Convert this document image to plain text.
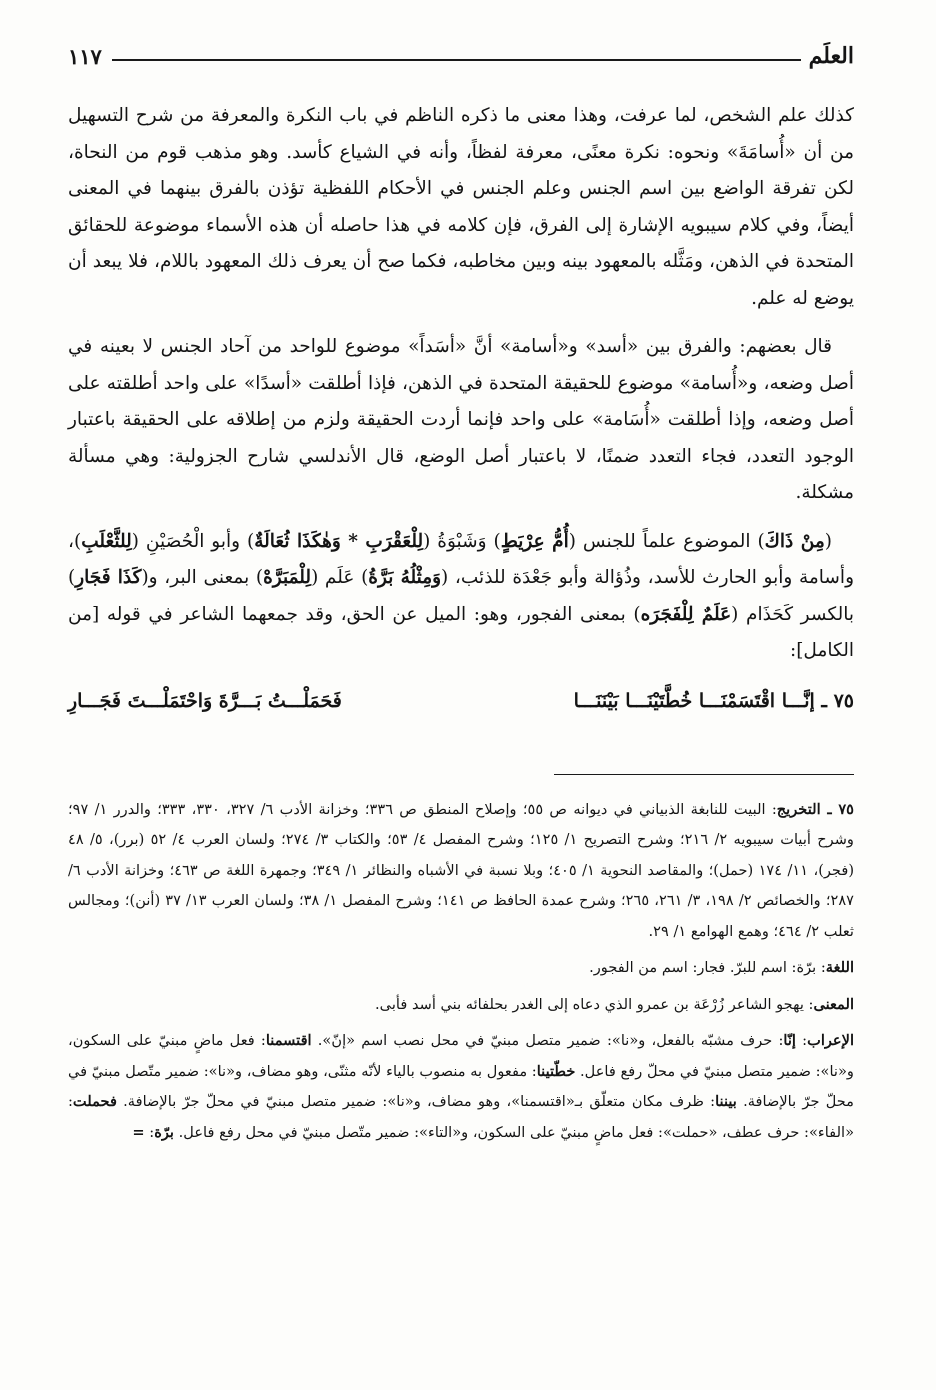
العلَم
١١٧

كذلك علم الشخص، لما عرفت، وهذا معنى ما ذكره الناظم في باب النكرة والمعرفة من شرح التسهيل من أن «أُسامَةَ» ونحوه: نكرة معنًى، معرفة لفظاً، وأنه في الشياع كأسد. وهو مذهب قوم من النحاة، لكن تفرقة الواضع بين اسم الجنس وعلم الجنس في الأحكام اللفظية تؤذن بالفرق بينهما في المعنى أيضاً، وفي كلام سيبويه الإشارة إلى الفرق، فإن كلامه في هذا حاصله أن هذه الأسماء موضوعة للحقائق المتحدة في الذهن، ومَثَّله بالمعهود بينه وبين مخاطبه، فكما صح أن يعرف ذلك المعهود باللام، فلا يبعد أن يوضع له علم.

قال بعضهم: والفرق بين «أسد» و«أسامة» أنَّ «أسَداً» موضوع للواحد من آحاد الجنس لا بعينه في أصل وضعه، و«أُسامة» موضوع للحقيقة المتحدة في الذهن، فإذا أطلقت «أسدًا» على واحد أطلقته على أصل وضعه، وإذا أطلقت «أُسَامة» على واحد فإنما أردت الحقيقة ولزم من إطلاقه على الحقيقة باعتبار الوجود التعدد، فجاء التعدد ضمنًا، لا باعتبار أصل الوضع، قال الأندلسي شارح الجزولية: وهي مسألة مشكلة.

(مِنْ ذَاكَ) الموضوع علماً للجنس (أُمُّ عِرْيَطٍ) وَشَبْوَةُ (لِلْعَقْرَبِ * وَهٰكَذَا ثُعَالَةٌ) وأبو الْحُصَيْنِ (لِلثَّعْلَبِ)، وأسامة وأبو الحارث للأسد، وذُؤالة وأبو جَعْدَة للذئب، (وَمِثْلُهُ بَرَّةُ) عَلَم (لِلْمَبَرَّهْ) بمعنى البر، و(كَذَا فَجَارِ) بالكسر كَحَذَام (عَلَمٌ لِلْفَجَرَه) بمعنى الفجور، وهو: الميل عن الحق، وقد جمعهما الشاعر في قوله [من الكامل]:

٧٥ ـ إنَّـــا اقْتَسَمْنَـــا خُطَّتَيْنَـــا بَيْنَنَـــا
فَحَمَلْـــتُ بَـــرَّةَ وَاحْتَمَلْـــتَ فَجَـــارِ

٧٥ ـ التخريج: البيت للنابغة الذبياني في ديوانه ص ٥٥؛ وإصلاح المنطق ص ٣٣٦؛ وخزانة الأدب ٦/ ٣٢٧، ٣٣٠، ٣٣٣؛ والدرر ١/ ٩٧؛ وشرح أبيات سيبويه ٢/ ٢١٦؛ وشرح التصريح ١/ ١٢٥؛ وشرح المفصل ٤/ ٥٣؛ والكتاب ٣/ ٢٧٤؛ ولسان العرب ٤/ ٥٢ (برر)، ٥/ ٤٨ (فجر)، ١١/ ١٧٤ (حمل)؛ والمقاصد النحوية ١/ ٤٠٥؛ وبلا نسبة في الأشباه والنظائر ١/ ٣٤٩؛ وجمهرة اللغة ص ٤٦٣؛ وخزانة الأدب ٦/ ٢٨٧؛ والخصائص ٢/ ١٩٨، ٣/ ٢٦١، ٢٦٥؛ وشرح عمدة الحافظ ص ١٤١؛ وشرح المفصل ١/ ٣٨؛ ولسان العرب ١٣/ ٣٧ (أنن)؛ ومجالس ثعلب ٢/ ٤٦٤؛ وهمع الهوامع ١/ ٢٩.

اللغة: برّة: اسم للبرّ. فجار: اسم من الفجور.

المعنى: يهجو الشاعر زُرْعَة بن عمرو الذي دعاه إلى الغدر بحلفائه بني أسد فأبى.

الإعراب: إنّا: حرف مشبّه بالفعل، و«نا»: ضمير متصل مبنيّ في محل نصب اسم «إنّ». اقتسمنا: فعل ماضٍ مبنيّ على السكون، و«نا»: ضمير متصل مبنيّ في محلّ رفع فاعل. خطّتينا: مفعول به منصوب بالياء لأنّه مثنّى، وهو مضاف، و«نا»: ضمير متّصل مبنيّ في محلّ جرّ بالإضافة. بيننا: ظرف مكان متعلّق بـ«اقتسمنا»، وهو مضاف، و«نا»: ضمير متصل مبنيّ في محلّ جرّ بالإضافة. فحملت: «الفاء»: حرف عطف، «حملت»: فعل ماضٍ مبنيّ على السكون، و«التاء»: ضمير متّصل مبنيّ في محل رفع فاعل. برّة: =
